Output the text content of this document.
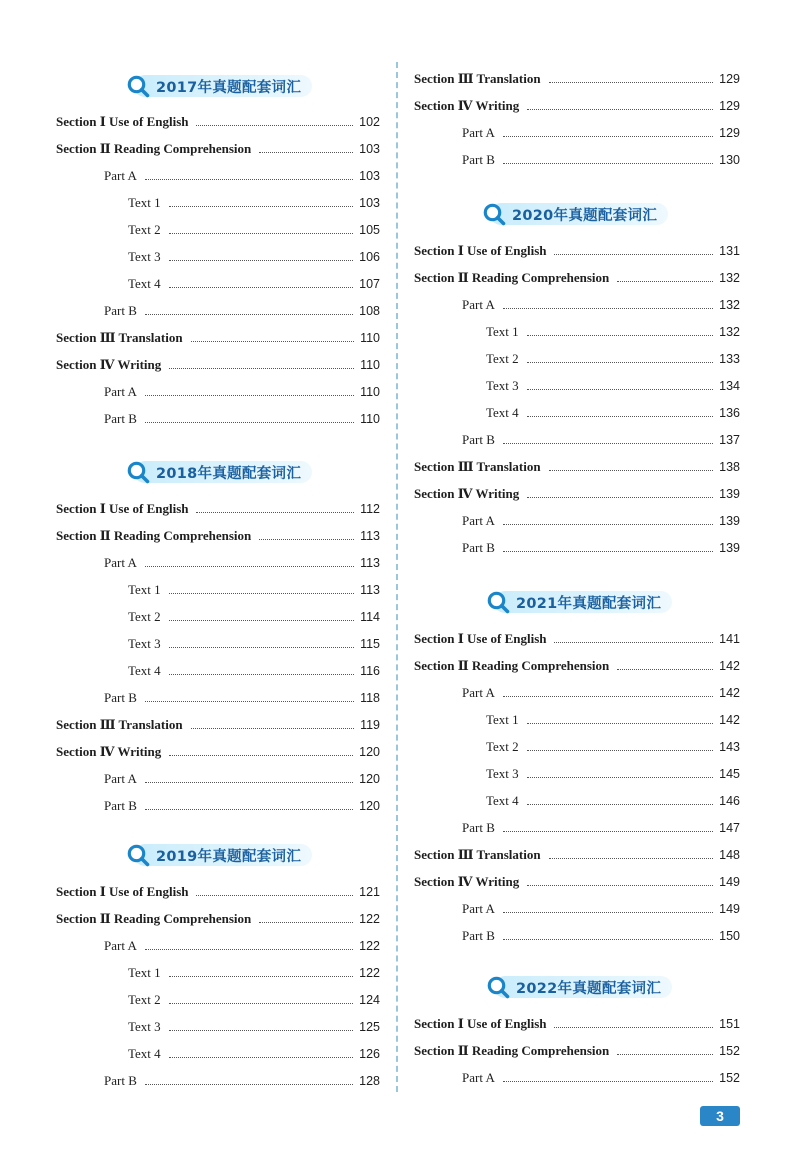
2017年真题配套词汇
Section Ⅰ Use of English	102
Section Ⅱ Reading Comprehension	103
Part A	103
Text 1	103
Text 2	105
Text 3	106
Text 4	107
Part B	108
Section Ⅲ Translation	110
Section Ⅳ Writing	110
Part A	110
Part B	110
2018年真题配套词汇
Section Ⅰ Use of English	112
Section Ⅱ Reading Comprehension	113
Part A	113
Text 1	113
Text 2	114
Text 3	115
Text 4	116
Part B	118
Section Ⅲ Translation	119
Section Ⅳ Writing	120
Part A	120
Part B	120
2019年真题配套词汇
Section Ⅰ Use of English	121
Section Ⅱ Reading Comprehension	122
Part A	122
Text 1	122
Text 2	124
Text 3	125
Text 4	126
Part B	128
Section Ⅲ Translation	129
Section Ⅳ Writing	129
Part A	129
Part B	130
2020年真题配套词汇
Section Ⅰ Use of English	131
Section Ⅱ Reading Comprehension	132
Part A	132
Text 1	132
Text 2	133
Text 3	134
Text 4	136
Part B	137
Section Ⅲ Translation	138
Section Ⅳ Writing	139
Part A	139
Part B	139
2021年真题配套词汇
Section Ⅰ Use of English	141
Section Ⅱ Reading Comprehension	142
Part A	142
Text 1	142
Text 2	143
Text 3	145
Text 4	146
Part B	147
Section Ⅲ Translation	148
Section Ⅳ Writing	149
Part A	149
Part B	150
2022年真题配套词汇
Section Ⅰ Use of English	151
Section Ⅱ Reading Comprehension	152
Part A	152
3
